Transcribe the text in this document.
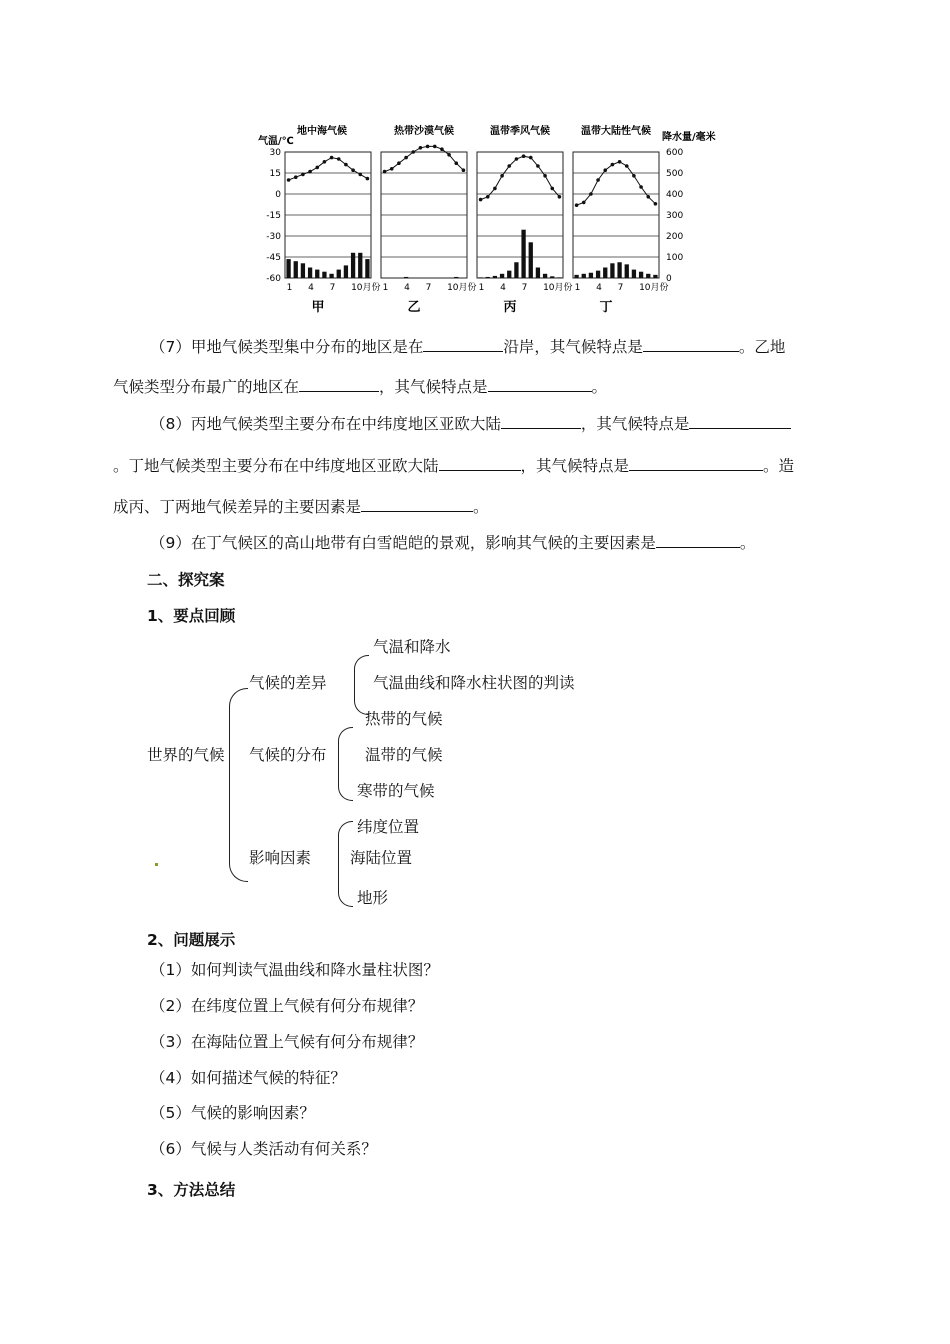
地中海气候	热带沙漠气候	温带季风气候	温带大陆性气候
气温/℃	降水量/毫米
30
15
0
-15
-30
-45
-60
600
500
400
300
200
100
0
1 4 7 10月份
甲
1 4 7 10月份
乙
1 4 7 10月份
丙
1 4 7 10月份
丁
（7）甲地气候类型集中分布的地区是在	沿岸，其气候特点是	。乙地
气候类型分布最广的地区在	，其气候特点是	。
（8）丙地气候类型主要分布在中纬度地区亚欧大陆	，其气候特点是
。丁地气候类型主要分布在中纬度地区亚欧大陆	，其气候特点是	。造
成丙、丁两地气候差异的主要因素是	。
（9）在丁气候区的高山地带有白雪皑皑的景观，影响其气候的主要因素是	。
二、探究案
1、要点回顾
世界的气候
气候的差异
气温和降水
气温曲线和降水柱状图的判读
气候的分布
热带的气候
温带的气候
寒带的气候
影响因素
纬度位置
海陆位置
地形
2、问题展示
（1）如何判读气温曲线和降水量柱状图？
（2）在纬度位置上气候有何分布规律？
（3）在海陆位置上气候有何分布规律？
（4）如何描述气候的特征？
（5）气候的影响因素？
（6）气候与人类活动有何关系？
3、方法总结
